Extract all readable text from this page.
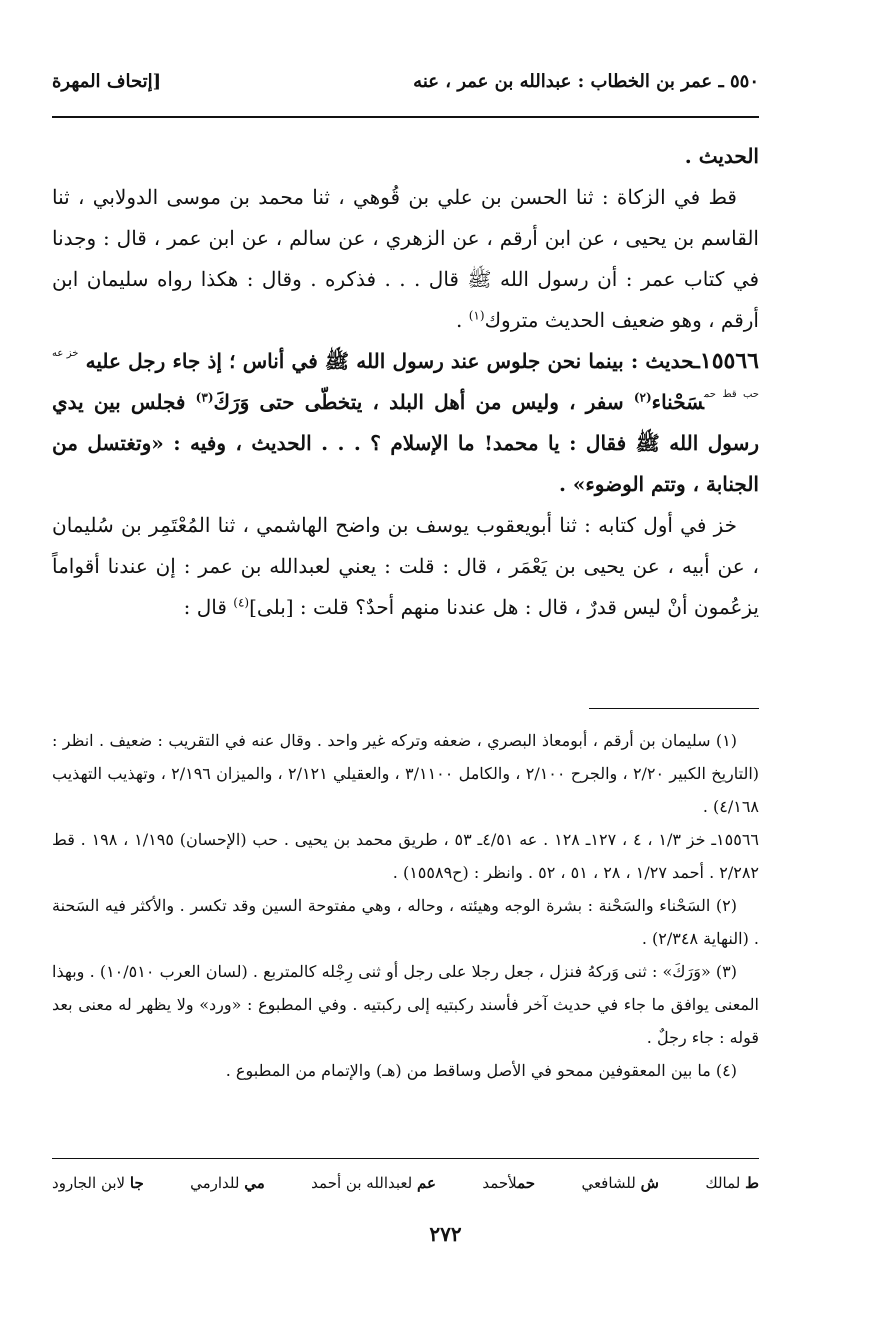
٥٥٠ ـ عمر بن الخطاب : عبدالله بن عمر ، عنه
[إتحاف المهرة

الحديث .

قط في الزكاة : ثنا الحسن بن علي بن قُوهي ، ثنا محمد بن موسى الدولابي ، ثنا القاسم بن يحيى ، عن ابن أرقم ، عن الزهري ، عن سالم ، عن ابن عمر ، قال : وجدنا في كتاب عمر : أن رسول الله ﷺ قال . . . فذكره . وقال : هكذا رواه سليمان ابن أرقم ، وهو ضعيف الحديث متروك$^{(١)}$ .

١٥٥٦٦ـحديث : بينما نحن جلوس عند رسول الله ﷺ في أناس ؛ إذ جاء رجل عليه $^{خز عه حب قط حم}$سَحْناء$^{(٢)}$ سفر ، وليس من أهل البلد ، يتخطّى حتى وَرَكَ$^{(٣)}$ فجلس بين يدي رسول الله ﷺ فقال : يا محمد! ما الإسلام ؟ . . . الحديث ، وفيه : «وتغتسل من الجنابة ، وتتم الوضوء» .

خز في أول كتابه : ثنا أبويعقوب يوسف بن واضح الهاشمي ، ثنا المُعْتَمِر بن سُليمان ، عن أبيه ، عن يحيى بن يَعْمَر ، قال : قلت : يعني لعبدالله بن عمر : إن عندنا أقواماً يزعُمون أنْ ليس قدرٌ ، قال : هل عندنا منهم أحدٌ؟ قلت : [بلى]$^{(٤)}$ قال :

(١) سليمان بن أرقم ، أبومعاذ البصري ، ضعفه وتركه غير واحد . وقال عنه في التقريب : ضعيف . انظر : (التاريخ الكبير ٢/٢٠ ، والجرح ٢/١٠٠ ، والكامل ٣/١١٠٠ ، والعقيلي ٢/١٢١ ، والميزان ٢/١٩٦ ، وتهذيب التهذيب ٤/١٦٨) .

١٥٥٦٦ـ خز ١/٣ ، ٤ ، ١٢٧ـ ١٢٨ . عه ٤/٥١ـ ٥٣ ، طريق محمد بن يحيى . حب (الإحسان) ١/١٩٥ ، ١٩٨ . قط ٢/٢٨٢ . أحمد ١/٢٧ ، ٢٨ ، ٥١ ، ٥٢ . وانظر : (ح١٥٥٨٩) .

(٢) السَحْناء والسَحْنة : بشرة الوجه وهيئته ، وحاله ، وهي مفتوحة السين وقد تكسر . والأكثر فيه السَحنة . (النهاية ٢/٣٤٨) .

(٣) «وَرَكَ» : ثنى وَركهُ فنزل ، جعل رجلا على رجل أو ثنى رِجْله كالمتربع . (لسان العرب ١٠/٥١٠) . وبهذا المعنى يوافق ما جاء في حديث آخر فأسند ركبتيه إلى ركبتيه . وفي المطبوع : «ورد» ولا يظهر له معنى بعد قوله : جاء رجلٌ .

(٤) ما بين المعقوفين ممحو في الأصل وساقط من (هـ) والإتمام من المطبوع .

ط لمالك
ش للشافعي
حملأحمد
عم لعبدالله بن أحمد
مي للدارمي
جا لابن الجارود
٢٧٢
